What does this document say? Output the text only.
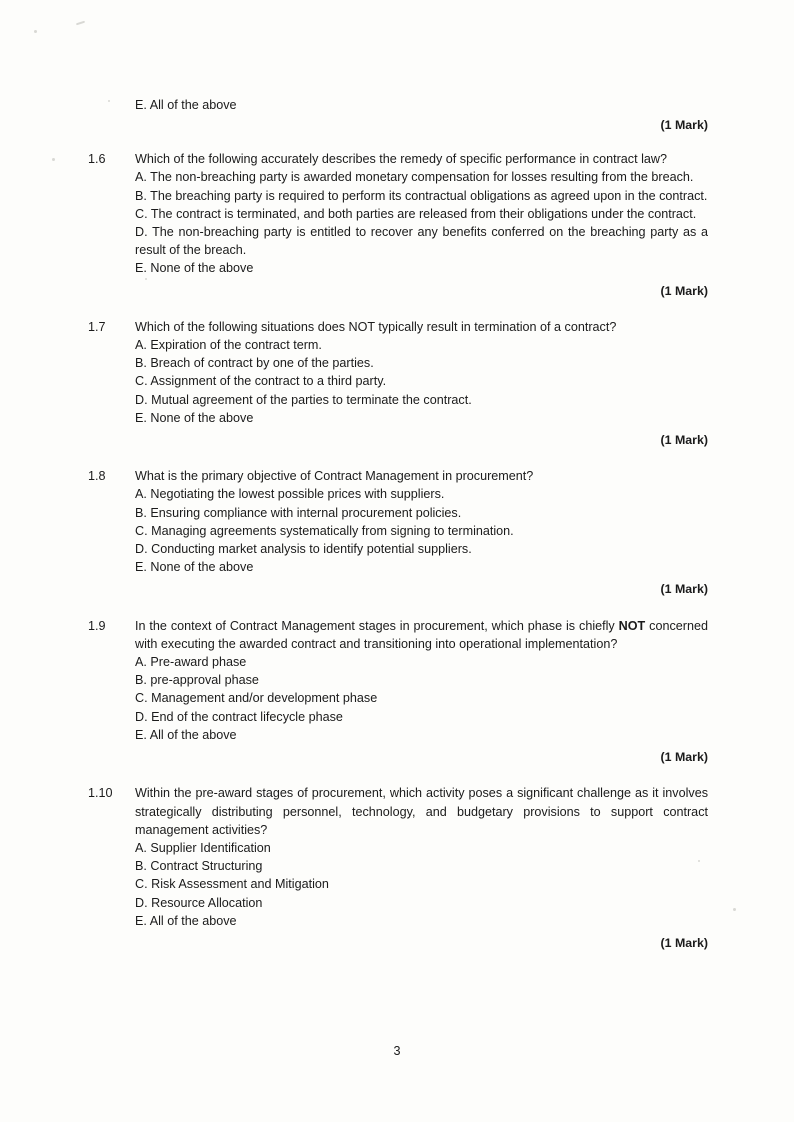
E. All of the above
(1 Mark)
1.6	Which of the following accurately describes the remedy of specific performance in contract law?
A. The non-breaching party is awarded monetary compensation for losses resulting from the breach.
B. The breaching party is required to perform its contractual obligations as agreed upon in the contract.
C. The contract is terminated, and both parties are released from their obligations under the contract.
D. The non-breaching party is entitled to recover any benefits conferred on the breaching party as a result of the breach.
E. None of the above
(1 Mark)
1.7	Which of the following situations does NOT typically result in termination of a contract?
A. Expiration of the contract term.
B. Breach of contract by one of the parties.
C. Assignment of the contract to a third party.
D. Mutual agreement of the parties to terminate the contract.
E. None of the above
(1 Mark)
1.8	What is the primary objective of Contract Management in procurement?
A. Negotiating the lowest possible prices with suppliers.
B. Ensuring compliance with internal procurement policies.
C. Managing agreements systematically from signing to termination.
D. Conducting market analysis to identify potential suppliers.
E. None of the above
(1 Mark)
1.9	In the context of Contract Management stages in procurement, which phase is chiefly NOT concerned with executing the awarded contract and transitioning into operational implementation?
A. Pre-award phase
B. pre-approval phase
C. Management and/or development phase
D. End of the contract lifecycle phase
E. All of the above
(1 Mark)
1.10	Within the pre-award stages of procurement, which activity poses a significant challenge as it involves strategically distributing personnel, technology, and budgetary provisions to support contract management activities?
A. Supplier Identification
B. Contract Structuring
C. Risk Assessment and Mitigation
D. Resource Allocation
E. All of the above
(1 Mark)
3
